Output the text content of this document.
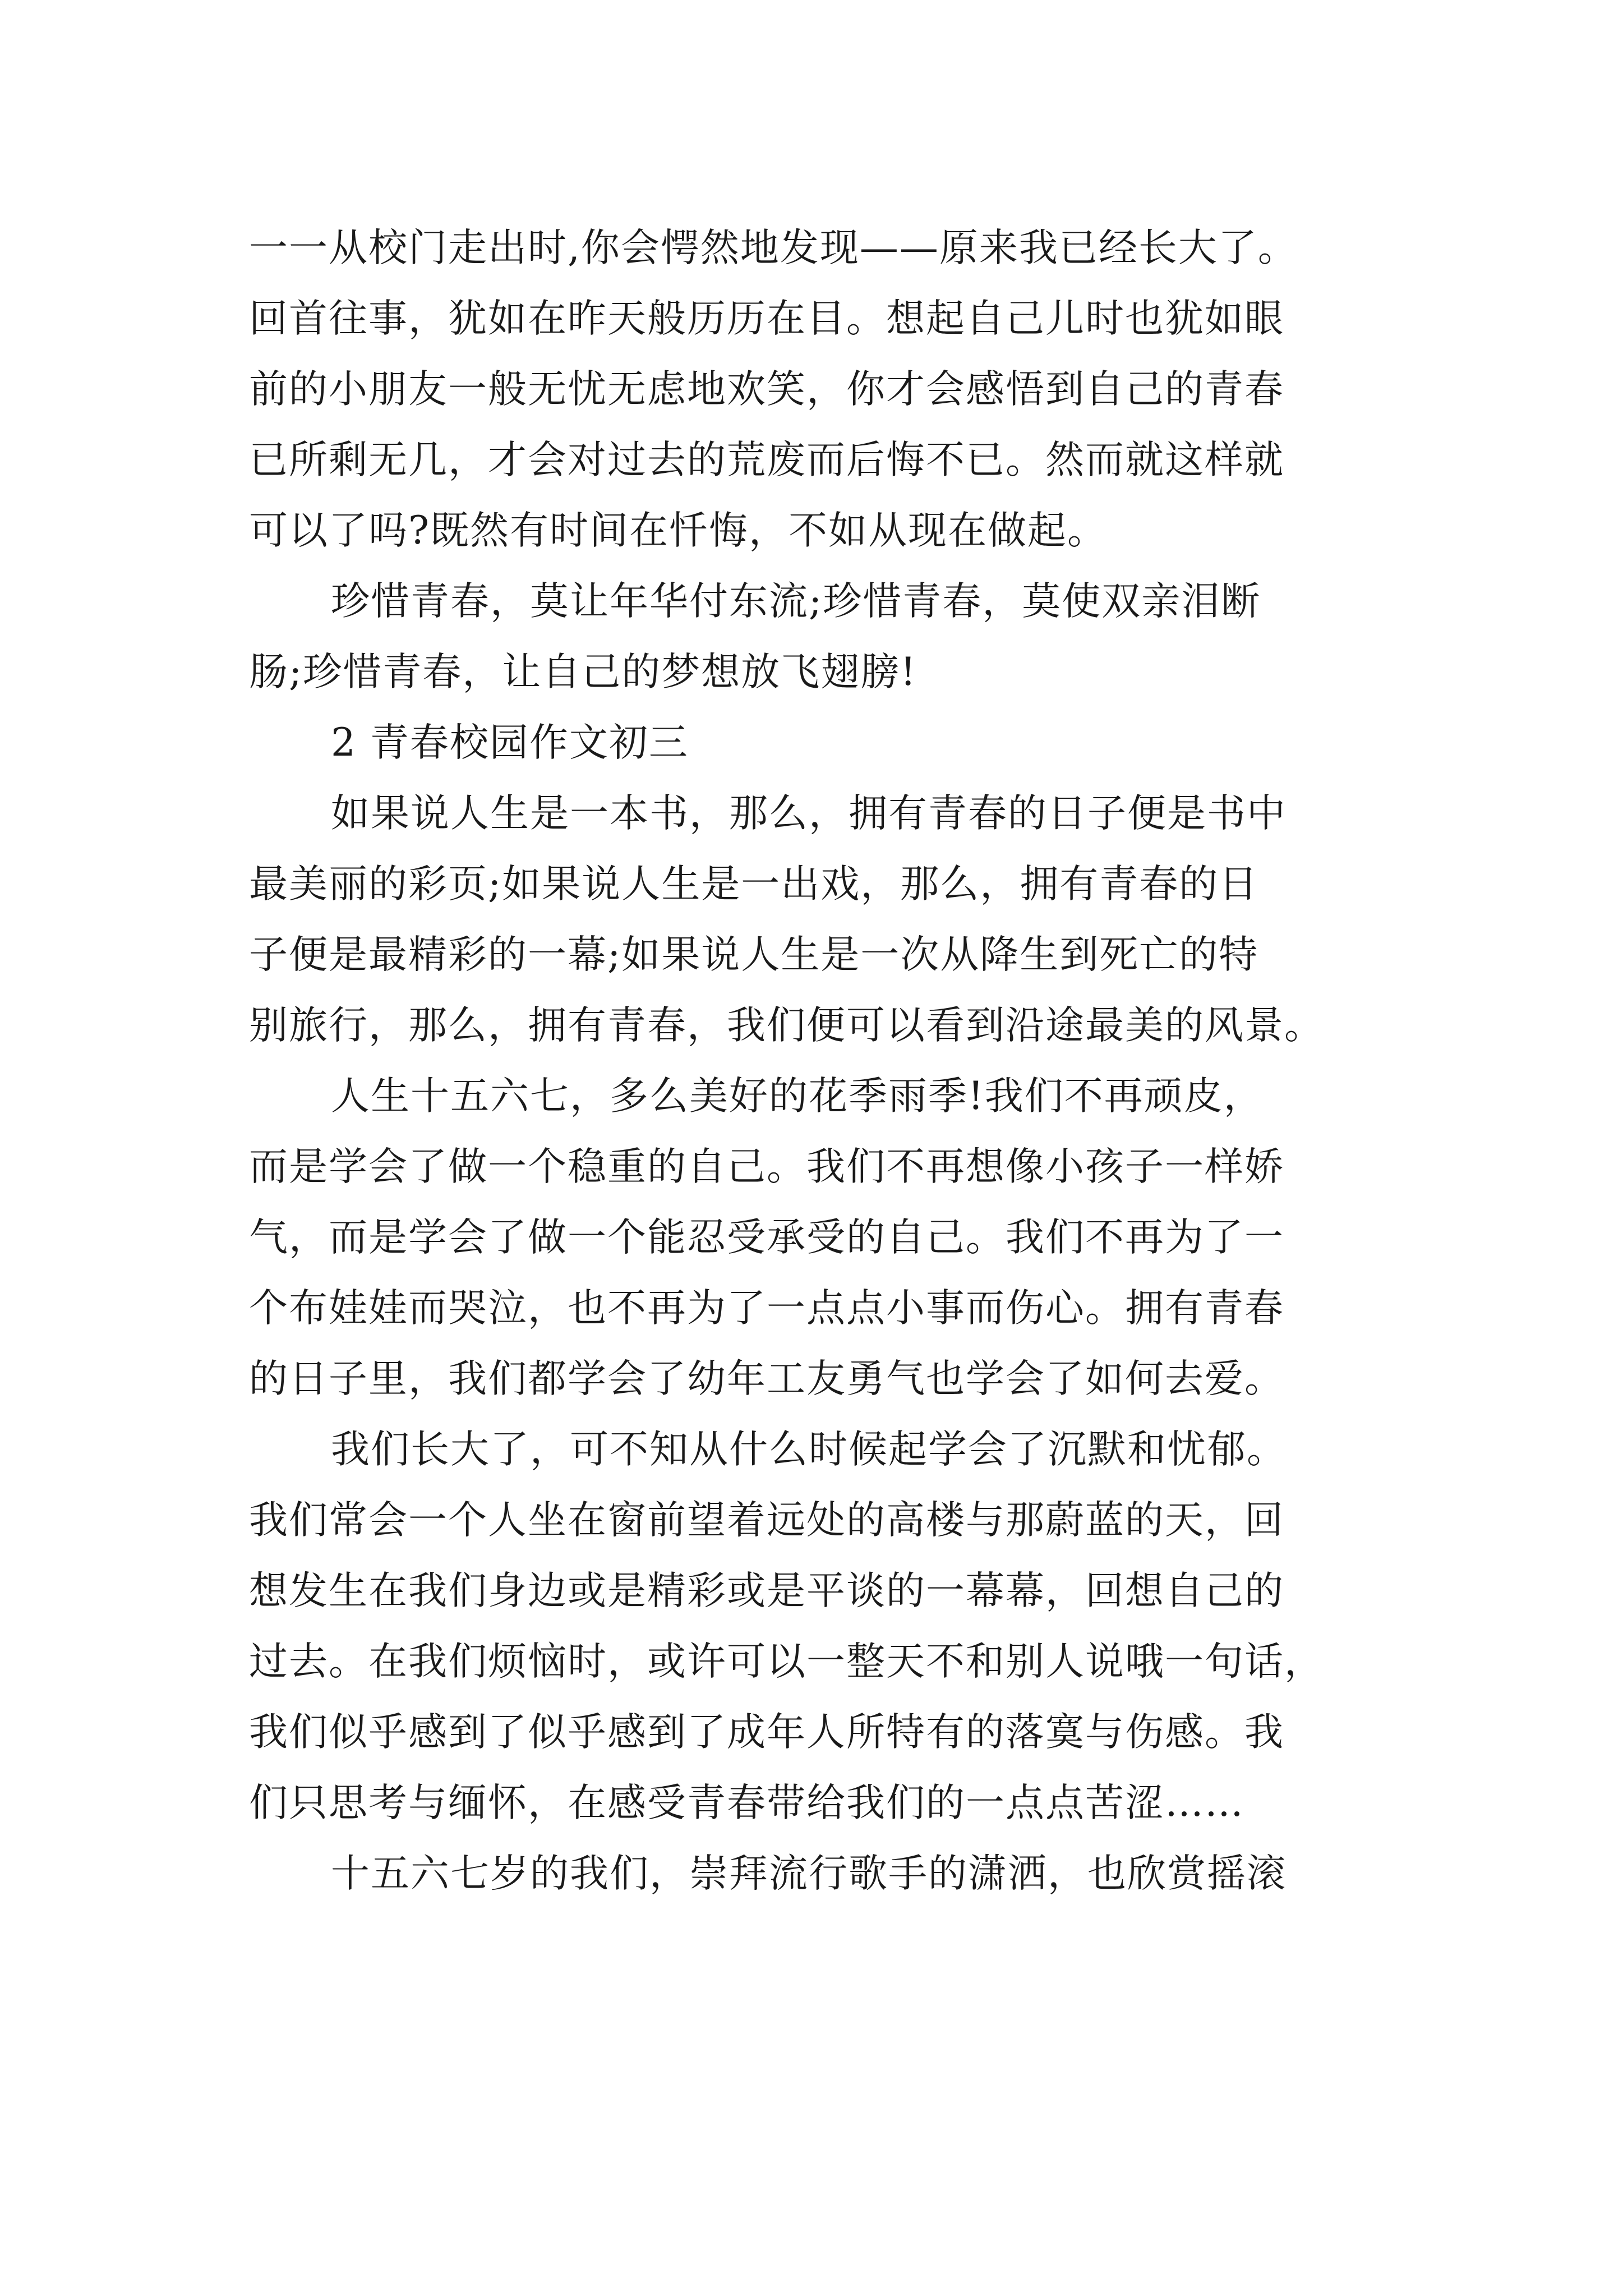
一一从校门走出时,你会愕然地发现——原来我已经长大了。

回首往事，犹如在昨天般历历在目。想起自己儿时也犹如眼

前的小朋友一般无忧无虑地欢笑，你才会感悟到自己的青春

已所剩无几，才会对过去的荒废而后悔不已。然而就这样就

可以了吗?既然有时间在忏悔，不如从现在做起。

珍惜青春，莫让年华付东流;珍惜青春，莫使双亲泪断

肠;珍惜青春，让自己的梦想放飞翅膀!

2 青春校园作文初三

如果说人生是一本书，那么，拥有青春的日子便是书中

最美丽的彩页;如果说人生是一出戏，那么，拥有青春的日

子便是最精彩的一幕;如果说人生是一次从降生到死亡的特

别旅行，那么，拥有青春，我们便可以看到沿途最美的风景。

人生十五六七，多么美好的花季雨季!我们不再顽皮，

而是学会了做一个稳重的自己。我们不再想像小孩子一样娇

气，而是学会了做一个能忍受承受的自己。我们不再为了一

个布娃娃而哭泣，也不再为了一点点小事而伤心。拥有青春

的日子里，我们都学会了幼年工友勇气也学会了如何去爱。

我们长大了，可不知从什么时候起学会了沉默和忧郁。

我们常会一个人坐在窗前望着远处的高楼与那蔚蓝的天，回

想发生在我们身边或是精彩或是平谈的一幕幕，回想自己的

过去。在我们烦恼时，或许可以一整天不和别人说哦一句话，

我们似乎感到了似乎感到了成年人所特有的落寞与伤感。我

们只思考与缅怀，在感受青春带给我们的一点点苦涩……

十五六七岁的我们，崇拜流行歌手的潇洒，也欣赏摇滚
